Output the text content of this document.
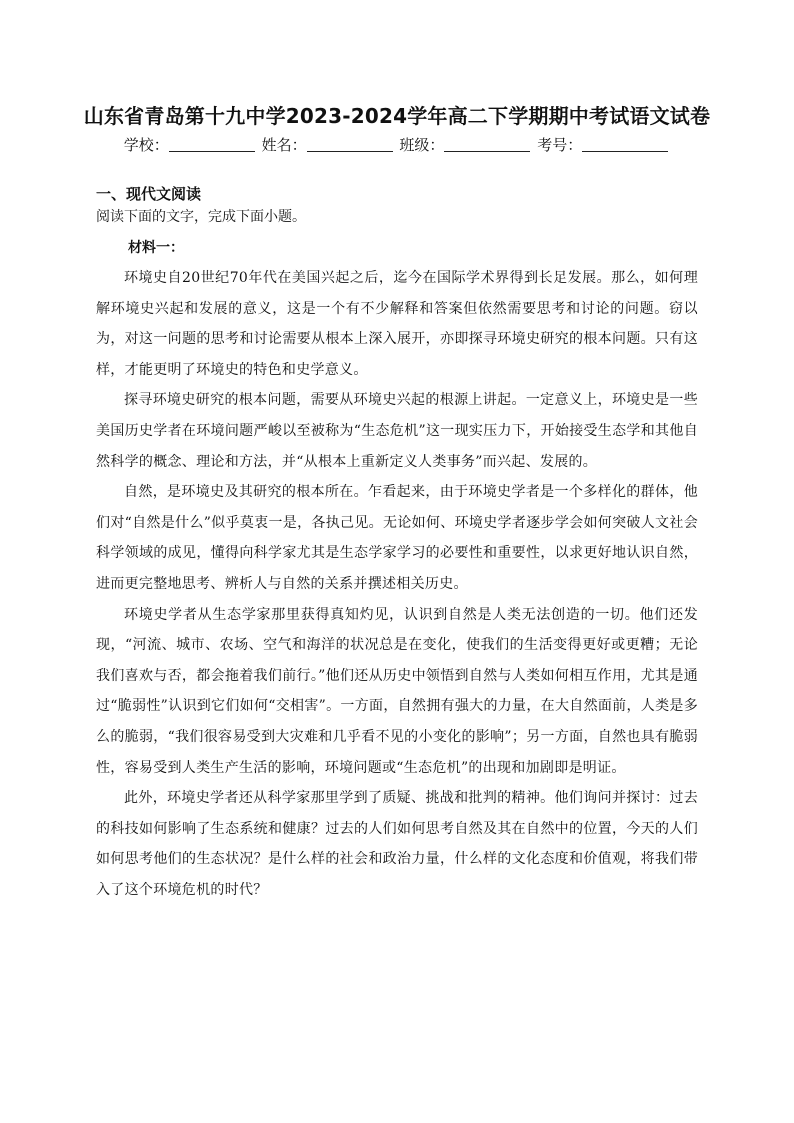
山东省青岛第十九中学2023-2024学年高二下学期期中考试语文试卷
学校：	姓名：	班级：	考号：
一、现代文阅读
阅读下面的文字，完成下面小题。
材料一：

环境史自20世纪70年代在美国兴起之后，迄今在国际学术界得到长足发展。那么，如何理解环境史兴起和发展的意义，这是一个有不少解释和答案但依然需要思考和讨论的问题。窃以为，对这一问题的思考和讨论需要从根本上深入展开，亦即探寻环境史研究的根本问题。只有这样，才能更明了环境史的特色和史学意义。

探寻环境史研究的根本问题，需要从环境史兴起的根源上讲起。一定意义上，环境史是一些美国历史学者在环境问题严峻以至被称为“生态危机”这一现实压力下，开始接受生态学和其他自然科学的概念、理论和方法，并“从根本上重新定义人类事务”而兴起、发展的。

自然，是环境史及其研究的根本所在。乍看起来，由于环境史学者是一个多样化的群体，他们对“自然是什么”似乎莫衷一是，各执己见。无论如何、环境史学者逐步学会如何突破人文社会科学领域的成见，懂得向科学家尤其是生态学家学习的必要性和重要性，以求更好地认识自然，进而更完整地思考、辨析人与自然的关系并撰述相关历史。

环境史学者从生态学家那里获得真知灼见，认识到自然是人类无法创造的一切。他们还发现，“河流、城市、农场、空气和海洋的状况总是在变化，使我们的生活变得更好或更糟；无论我们喜欢与否，都会拖着我们前行。”他们还从历史中领悟到自然与人类如何相互作用，尤其是通过“脆弱性”认识到它们如何“交相害”。一方面，自然拥有强大的力量，在大自然面前，人类是多么的脆弱，“我们很容易受到大灾难和几乎看不见的小变化的影响”；另一方面，自然也具有脆弱性，容易受到人类生产生活的影响，环境问题或“生态危机”的出现和加剧即是明证。

此外，环境史学者还从科学家那里学到了质疑、挑战和批判的精神。他们询问并探讨：过去的科技如何影响了生态系统和健康？过去的人们如何思考自然及其在自然中的位置，今天的人们如何思考他们的生态状况？是什么样的社会和政治力量，什么样的文化态度和价值观，将我们带入了这个环境危机的时代？
